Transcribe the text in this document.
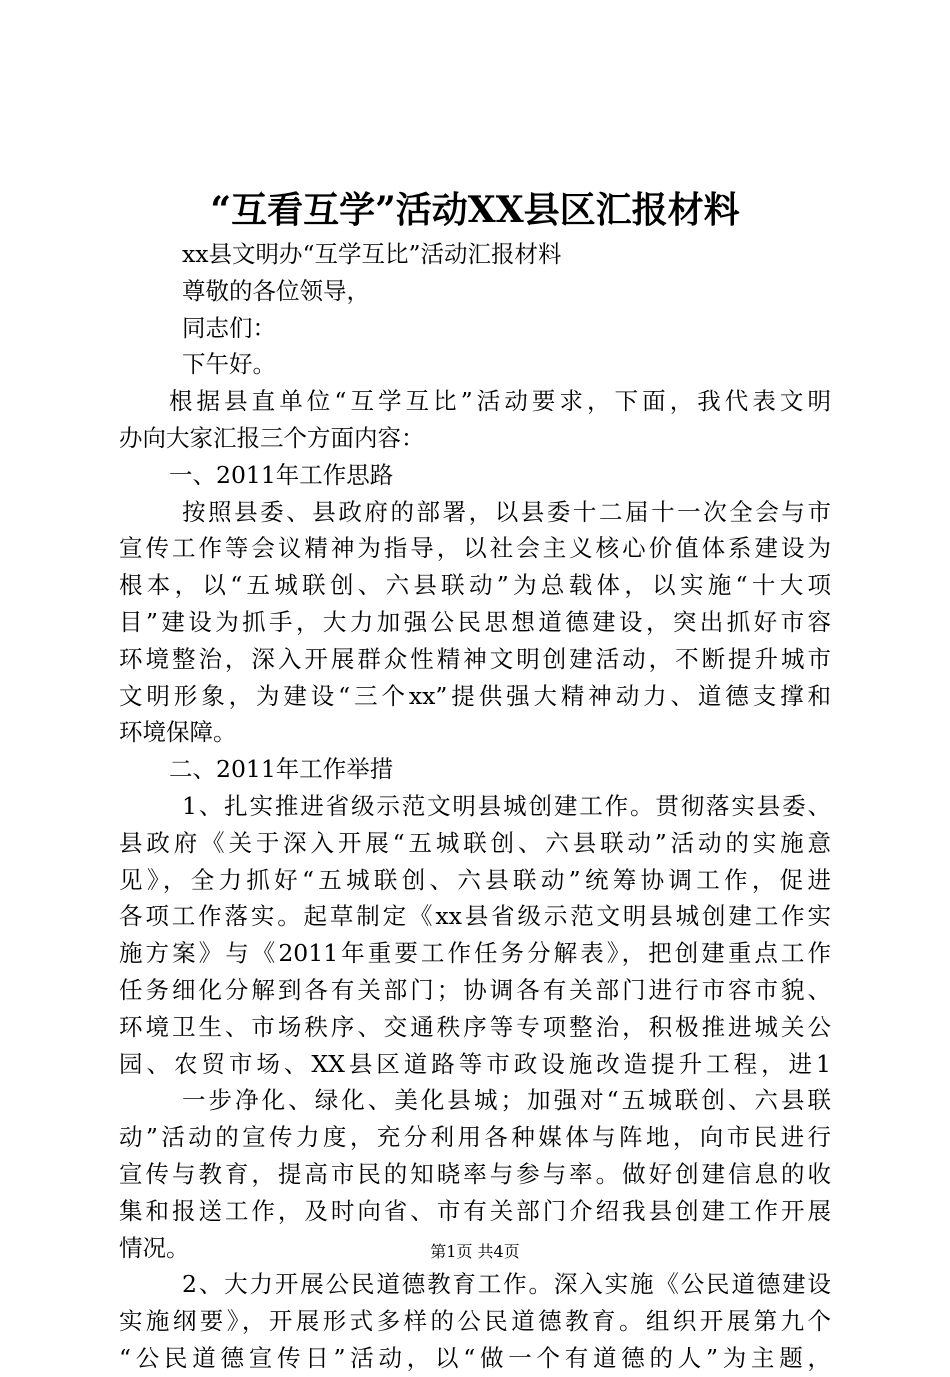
“互看互学”活动XX县区汇报材料
xx县文明办“互学互比”活动汇报材料
尊敬的各位领导，
同志们：
下午好。
根据县直单位“互学互比”活动要求，下面，我代表文明
办向大家汇报三个方面内容：
一、2011年工作思路
按照县委、县政府的部署，以县委十二届十一次全会与市
宣传工作等会议精神为指导，以社会主义核心价值体系建设为
根本，以“五城联创、六县联动”为总载体，以实施“十大项
目”建设为抓手，大力加强公民思想道德建设，突出抓好市容
环境整治，深入开展群众性精神文明创建活动，不断提升城市
文明形象，为建设“三个xx”提供强大精神动力、道德支撑和
环境保障。
二、2011年工作举措
1、扎实推进省级示范文明县城创建工作。贯彻落实县委、
县政府《关于深入开展“五城联创、六县联动”活动的实施意
见》，全力抓好“五城联创、六县联动”统筹协调工作，促进
各项工作落实。起草制定《xx县省级示范文明县城创建工作实
施方案》与《2011年重要工作任务分解表》，把创建重点工作
任务细化分解到各有关部门；协调各有关部门进行市容市貌、
环境卫生、市场秩序、交通秩序等专项整治，积极推进城关公
园、农贸市场、XX县区道路等市政设施改造提升工程，进1
一步净化、绿化、美化县城；加强对“五城联创、六县联
动”活动的宣传力度，充分利用各种媒体与阵地，向市民进行
宣传与教育，提高市民的知晓率与参与率。做好创建信息的收
集和报送工作，及时向省、市有关部门介绍我县创建工作开展
情况。
2、大力开展公民道德教育工作。深入实施《公民道德建设
实施纲要》，开展形式多样的公民道德教育。组织开展第九个
“公民道德宣传日”活动，以“做一个有道德的人”为主题，
第1页 共4页
